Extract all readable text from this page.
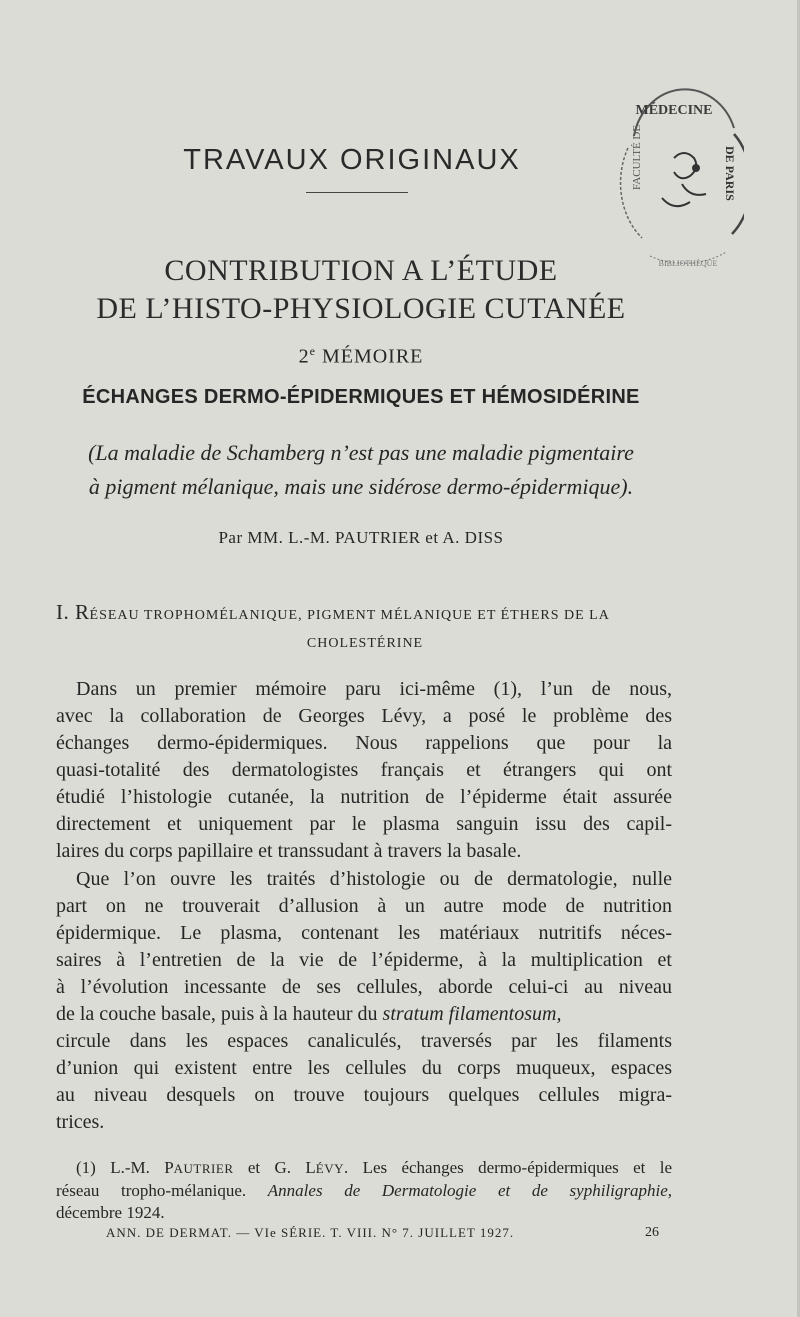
TRAVAUX ORIGINAUX
MÉDECINE
FACULTÉ DE	DE PARIS
BIBLIOTHÈQUE
CONTRIBUTION A L’ÉTUDE
DE L’HISTO-PHYSIOLOGIE CUTANÉE
2e MÉMOIRE
ÉCHANGES DERMO-ÉPIDERMIQUES ET HÉMOSIDÉRINE
(La maladie de Schamberg n’est pas une maladie pigmentaire
à pigment mélanique, mais une sidérose dermo-épidermique).
Par MM. L.-M. PAUTRIER et A. DISS
I. RÉSEAU TROPHOMÉLANIQUE, PIGMENT MÉLANIQUE ET ÉTHERS DE LA
CHOLESTÉRINE
Dans un premier mémoire paru ici-même (1), l’un de nous,
avec la collaboration de Georges Lévy, a posé le problème des
échanges dermo-épidermiques. Nous rappelions que pour la
quasi-totalité des dermatologistes français et étrangers qui ont
étudié l’histologie cutanée, la nutrition de l’épiderme était assurée
directement et uniquement par le plasma sanguin issu des capil-
laires du corps papillaire et transsudant à travers la basale.
Que l’on ouvre les traités d’histologie ou de dermatologie, nulle
part on ne trouverait d’allusion à un autre mode de nutrition
épidermique. Le plasma, contenant les matériaux nutritifs néces-
saires à l’entretien de la vie de l’épiderme, à la multiplication et
à l’évolution incessante de ses cellules, aborde celui-ci au niveau
de la couche basale, puis à la hauteur du stratum filamentosum,
circule dans les espaces canaliculés, traversés par les filaments
d’union qui existent entre les cellules du corps muqueux, espaces
au niveau desquels on trouve toujours quelques cellules migra-
trices.
(1) L.-M. PAUTRIER et G. LÉVY. Les échanges dermo-épidermiques et le
réseau tropho-mélanique. Annales de Dermatologie et de syphiligraphie,
décembre 1924.
ANN. DE DERMAT. — VIe SÉRIE. T. VIII. N° 7. JUILLET 1927.	26
